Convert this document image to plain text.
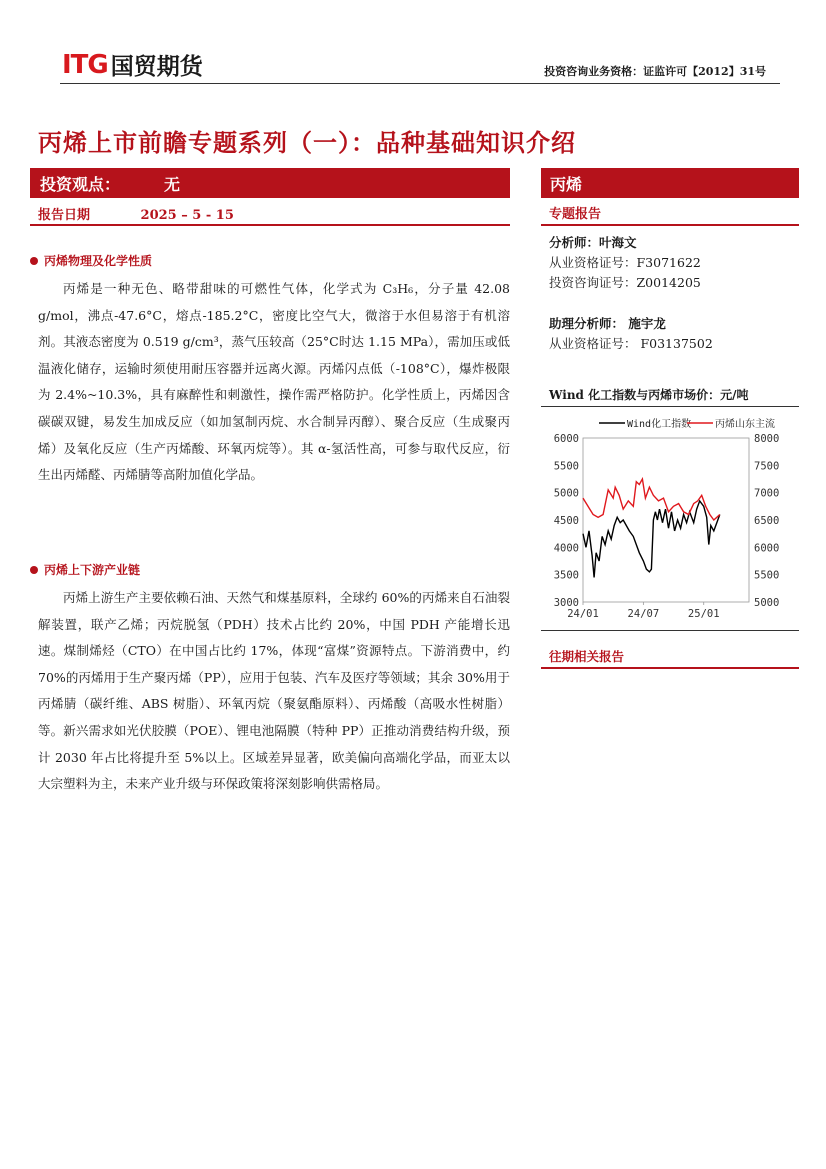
ITG 国贸期货	投资咨询业务资格：证监许可【2012】31号
丙烯上市前瞻专题系列（一）：品种基础知识介绍
投资观点：	无	丙烯
报告日期	2025 – 5 - 15	专题报告
丙烯物理及化学性质
丙烯是一种无色、略带甜味的可燃性气体，化学式为 C₃H₆，分子量 42.08 g/mol，沸点-47.6°C，熔点-185.2°C，密度比空气大，微溶于水但易溶于有机溶剂。其液态密度为 0.519 g/cm³，蒸气压较高（25°C时达 1.15 MPa），需加压或低温液化储存，运输时须使用耐压容器并远离火源。丙烯闪点低（-108°C），爆炸极限为 2.4%~10.3%，具有麻醉性和刺激性，操作需严格防护。化学性质上，丙烯因含碳碳双键，易发生加成反应（如加氢制丙烷、水合制异丙醇）、聚合反应（生成聚丙烯）及氧化反应（生产丙烯酸、环氧丙烷等）。其 α-氢活性高，可参与取代反应，衍生出丙烯醛、丙烯腈等高附加值化学品。
丙烯上下游产业链
丙烯上游生产主要依赖石油、天然气和煤基原料，全球约 60%的丙烯来自石油裂解装置，联产乙烯；丙烷脱氢（PDH）技术占比约 20%，中国 PDH 产能增长迅速。煤制烯烃（CTO）在中国占比约 17%，体现“富煤”资源特点。下游消费中，约 70%的丙烯用于生产聚丙烯（PP），应用于包装、汽车及医疗等领域；其余 30%用于丙烯腈（碳纤维、ABS 树脂）、环氧丙烷（聚氨酯原料）、丙烯酸（高吸水性树脂）等。新兴需求如光伏胶膜（POE）、锂电池隔膜（特种 PP）正推动消费结构升级，预计 2030 年占比将提升至 5%以上。区域差异显著，欧美偏向高端化学品，而亚太以大宗塑料为主，未来产业升级与环保政策将深刻影响供需格局。
分析师：叶海文
从业资格证号：F3071622
投资咨询证号：Z0014205
助理分析师： 施宇龙
从业资格证号： F03137502
Wind 化工指数与丙烯市场价：元/吨
Wind化工指数 丙烯山东主流
6000
5500
5000
4500
4000
3500
3000
8000
7500
7000
6500
6000
5500
5000
24/01	24/07	25/01
往期相关报告
